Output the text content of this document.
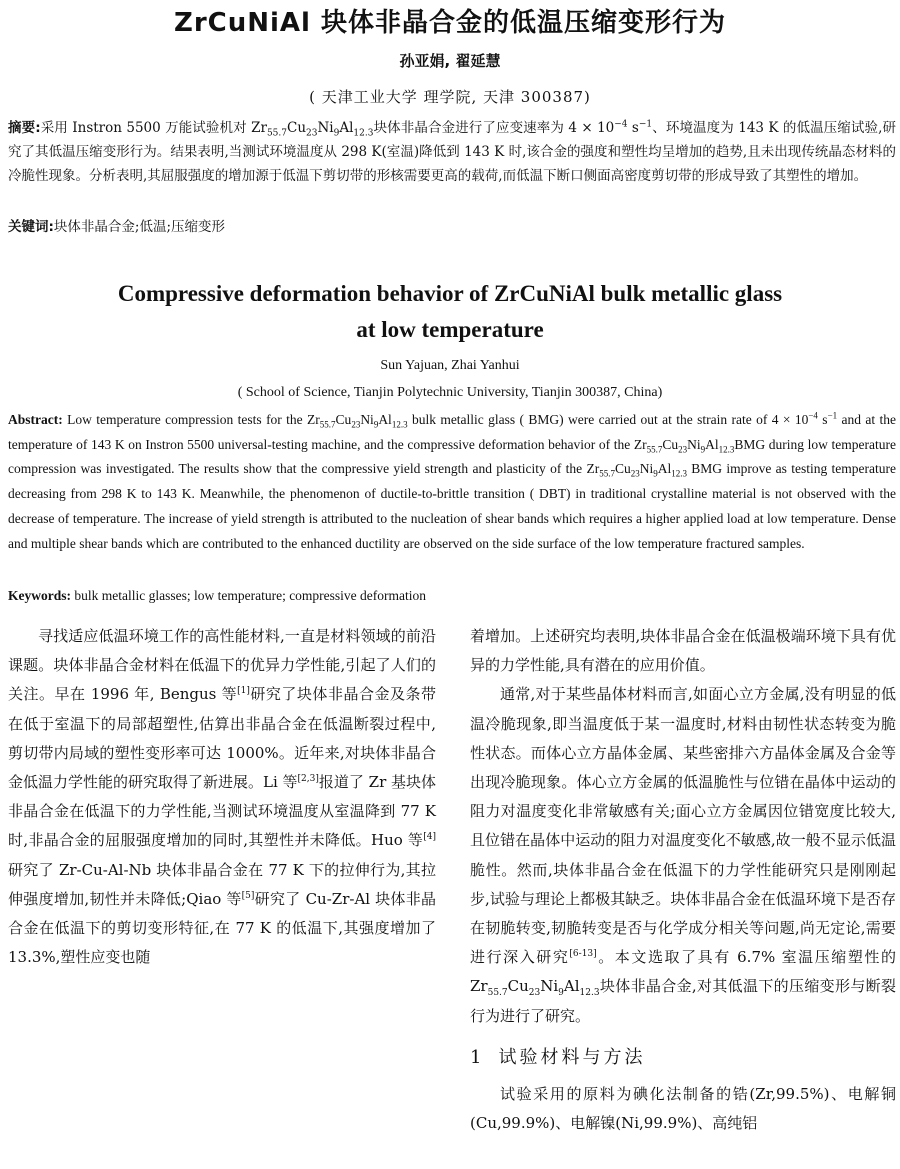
ZrCuNiAl 块体非晶合金的低温压缩变形行为
孙亚娟, 翟延慧
( 天津工业大学 理学院, 天津 300387)
摘要:采用 Instron 5500 万能试验机对 $Zr_{55.7}Cu_{23}Ni_9Al_{12.3}$块体非晶合金进行了应变速率为 $4 \times 10^{-4}$ $s^{-1}$、环境温度为 143 K 的低温压缩试验,研究了其低温压缩变形行为。结果表明,当测试环境温度从 298 K(室温)降低到 143 K 时,该合金的强度和塑性均呈增加的趋势,且未出现传统晶态材料的冷脆性现象。分析表明,其屈服强度的增加源于低温下剪切带的形核需要更高的载荷,而低温下断口侧面高密度剪切带的形成导致了其塑性的增加。
关键词:块体非晶合金;低温;压缩变形
Compressive deformation behavior of ZrCuNiAl bulk metallic glass
at low temperature
Sun Yajuan, Zhai Yanhui
( School of Science, Tianjin Polytechnic University, Tianjin 300387, China)
Abstract: Low temperature compression tests for the $Zr_{55.7}Cu_{23}Ni_9Al_{12.3}$ bulk metallic glass ( BMG) were carried out at the strain rate of $4 \times 10^{-4}$ $s^{-1}$ and at the temperature of 143 K on Instron 5500 universal-testing machine, and the compressive deformation behavior of the $Zr_{55.7}Cu_{23}Ni_9Al_{12.3}BMG$ during low temperature compression was investigated. The results show that the compressive yield strength and plasticity of the $Zr_{55.7}Cu_{23}Ni_9Al_{12.3}$ BMG improve as testing temperature decreasing from 298 K to 143 K. Meanwhile, the phenomenon of ductile-to-brittle transition ( DBT) in traditional crystalline material is not observed with the decrease of temperature. The increase of yield strength is attributed to the nucleation of shear bands which requires a higher applied load at low temperature. Dense and multiple shear bands which are contributed to the enhanced ductility are observed on the side surface of the low temperature fractured samples.
Keywords: bulk metallic glasses; low temperature; compressive deformation

寻找适应低温环境工作的高性能材料,一直是材料领域的前沿课题。块体非晶合金材料在低温下的优异力学性能,引起了人们的关注。早在 1996 年, Bengus 等[1]研究了块体非晶合金及条带在低于室温下的局部超塑性,估算出非晶合金在低温断裂过程中,剪切带内局域的塑性变形率可达 1000%。近年来,对块体非晶合金低温力学性能的研究取得了新进展。Li 等[2,3]报道了 Zr 基块体非晶合金在低温下的力学性能,当测试环境温度从室温降到 77 K 时,非晶合金的屈服强度增加的同时,其塑性并未降低。Huo 等[4]研究了 Zr-Cu-Al-Nb 块体非晶合金在 77 K 下的拉伸行为,其拉伸强度增加,韧性并未降低;Qiao 等[5]研究了 Cu-Zr-Al 块体非晶合金在低温下的剪切变形特征,在 77 K 的低温下,其强度增加了 13.3%,塑性应变也随

着增加。上述研究均表明,块体非晶合金在低温极端环境下具有优异的力学性能,具有潜在的应用价值。

通常,对于某些晶体材料而言,如面心立方金属,没有明显的低温冷脆现象,即当温度低于某一温度时,材料由韧性状态转变为脆性状态。而体心立方晶体金属、某些密排六方晶体金属及合金等出现冷脆现象。体心立方金属的低温脆性与位错在晶体中运动的阻力对温度变化非常敏感有关;面心立方金属因位错宽度比较大,且位错在晶体中运动的阻力对温度变化不敏感,故一般不显示低温脆性。然而,块体非晶合金在低温下的力学性能研究只是刚刚起步,试验与理论上都极其缺乏。块体非晶合金在低温环境下是否存在韧脆转变,韧脆转变是否与化学成分相关等问题,尚无定论,需要进行深入研究[6-13]。本文选取了具有 6.7% 室温压缩塑性的 $Zr_{55.7}Cu_{23}Ni_9Al_{12.3}$块体非晶合金,对其低温下的压缩变形与断裂行为进行了研究。

1 试验材料与方法

试验采用的原料为碘化法制备的锆(Zr,99.5%)、电解铜(Cu,99.9%)、电解镍(Ni,99.9%)、高纯铝
